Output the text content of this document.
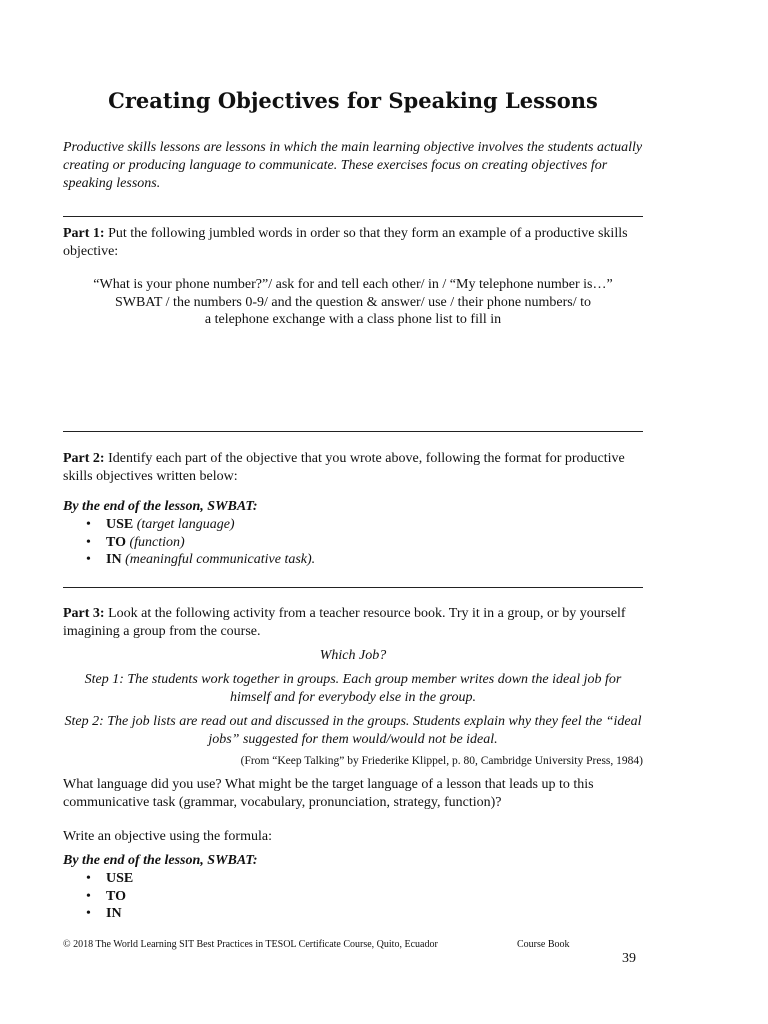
Creating Objectives for Speaking Lessons

Productive skills lessons are lessons in which the main learning objective involves the students actually creating or producing language to communicate. These exercises focus on creating objectives for speaking lessons.

Part 1: Put the following jumbled words in order so that they form an example of a productive skills objective:

“What is your phone number?”/ ask for and tell each other/ in / “My telephone number is…”
SWBAT / the numbers 0-9/ and the question & answer/ use / their phone numbers/ to
a telephone exchange with a class phone list to fill in

Part 2: Identify each part of the objective that you wrote above, following the format for productive skills objectives written below:

By the end of the lesson, SWBAT:

• USE (target language)
• TO (function)
• IN (meaningful communicative task).

Part 3: Look at the following activity from a teacher resource book. Try it in a group, or by yourself imagining a group from the course.

Which Job?

Step 1: The students work together in groups. Each group member writes down the ideal job for himself and for everybody else in the group.

Step 2: The job lists are read out and discussed in the groups. Students explain why they feel the “ideal jobs” suggested for them would/would not be ideal.

(From “Keep Talking” by Friederike Klippel, p. 80, Cambridge University Press, 1984)

What language did you use? What might be the target language of a lesson that leads up to this communicative task (grammar, vocabulary, pronunciation, strategy, function)?

Write an objective using the formula:

By the end of the lesson, SWBAT:

• USE
• TO
• IN
© 2018 The World Learning SIT Best Practices in TESOL Certificate Course, Quito, Ecuador	Course Book
39
